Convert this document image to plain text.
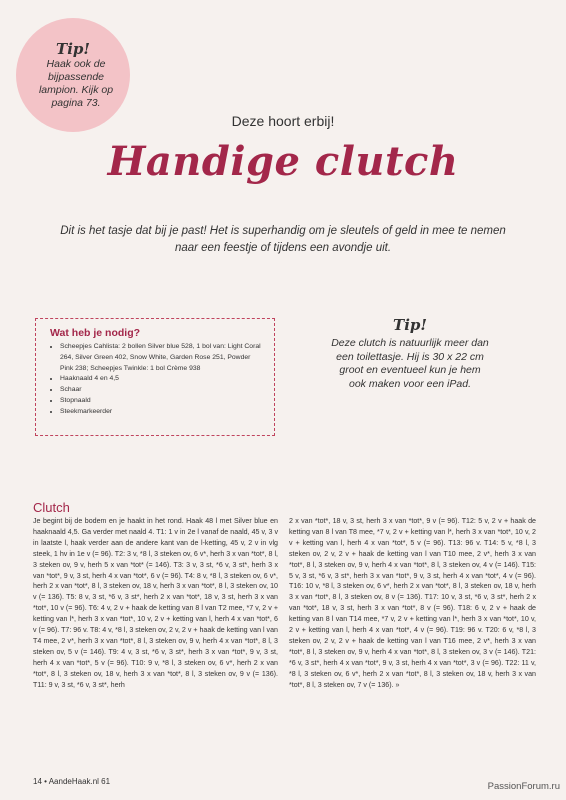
Tip!
Haak ook de bijpassende lampion. Kijk op pagina 73.
Deze hoort erbij!
Handige clutch
Dit is het tasje dat bij je past! Het is superhandig om je sleutels of geld in mee te nemen naar een feestje of tijdens een avondje uit.
Wat heb je nodig?
• Scheepjes Cahlista: 2 bollen Silver blue 528, 1 bol van: Light Coral 264, Silver Green 402, Snow White, Garden Rose 251, Powder Pink 238; Scheepjes Twinkle: 1 bol Crème 938
• Haaknaald 4 en 4,5
• Schaar
• Stopnaald
• Steekmarkeerder
Tip!
Deze clutch is natuurlijk meer dan een toilettasje. Hij is 30 x 22 cm groot en eventueel kun je hem ook maken voor een iPad.
Clutch
Je begint bij de bodem en je haakt in het rond. Haak 48 l met Silver blue en haaknaald 4,5. Ga verder met naald 4. T1: 1 v in 2e l vanaf de naald, 45 v, 3 v in laatste l, haak verder aan de andere kant van de l-ketting, 45 v, 2 v in vlg steek, 1 hv in 1e v (= 96). T2: 3 v, *8 l, 3 steken ov, 6 v*, herh 3 x van *tot*, 8 l, 3 steken ov, 9 v, herh 5 x van *tot* (= 146). T3: 3 v, 3 st, *6 v, 3 st*, herh 3 x van *tot*, 9 v, 3 st, herh 4 x van *tot*, 6 v (= 96). T4: 8 v, *8 l, 3 steken ov, 6 v*, herh 2 x van *tot*, 8 l, 3 steken ov, 18 v, herh 3 x van *tot*, 8 l, 3 steken ov, 10 v (= 136). T5: 8 v, 3 st, *6 v, 3 st*, herh 2 x van *tot*, 18 v, 3 st, herh 3 x van *tot*, 10 v (= 96). T6: 4 v, 2 v + haak de ketting van 8 l van T2 mee, *7 v, 2 v + ketting van l*, herh 3 x van *tot*, 10 v, 2 v + ketting van l, herh 4 x van *tot*, 6 v (= 96). T7: 96 v. T8: 4 v, *8 l, 3 steken ov, 2 v, 2 v + haak de ketting van l van T4 mee, 2 v*, herh 3 x van *tot*, 8 l, 3 steken ov, 9 v, herh 4 x van *tot*, 8 l, 3 steken ov, 5 v (= 146). T9: 4 v, 3 st, *6 v, 3 st*, herh 3 x van *tot*, 9 v, 3 st, herh 4 x van *tot*, 5 v (= 96). T10: 9 v, *8 l, 3 steken ov, 6 v*, herh 2 x van *tot*, 8 l, 3 steken ov, 18 v, herh 3 x van *tot*, 8 l, 3 steken ov, 9 v (= 136). T11: 9 v, 3 st, *6 v, 3 st*, herh
2 x van *tot*, 18 v, 3 st, herh 3 x van *tot*, 9 v (= 96). T12: 5 v, 2 v + haak de ketting van 8 l van T8 mee, *7 v, 2 v + ketting van l*, herh 3 x van *tot*, 10 v, 2 v + ketting van l, herh 4 x van *tot*, 5 v (= 96). T13: 96 v. T14: 5 v, *8 l, 3 steken ov, 2 v, 2 v + haak de ketting van l van T10 mee, 2 v*, herh 3 x van *tot*, 8 l, 3 steken ov, 9 v, herh 4 x van *tot*, 8 l, 3 steken ov, 4 v (= 146). T15: 5 v, 3 st, *6 v, 3 st*, herh 3 x van *tot*, 9 v, 3 st, herh 4 x van *tot*, 4 v (= 96). T16: 10 v, *8 l, 3 steken ov, 6 v*, herh 2 x van *tot*, 8 l, 3 steken ov, 18 v, herh 3 x van *tot*, 8 l, 3 steken ov, 8 v (= 136). T17: 10 v, 3 st, *6 v, 3 st*, herh 2 x van *tot*, 18 v, 3 st, herh 3 x van *tot*, 8 v (= 96). T18: 6 v, 2 v + haak de ketting van 8 l van T14 mee, *7 v, 2 v + ketting van l*, herh 3 x van *tot*, 10 v, 2 v + ketting van l, herh 4 x van *tot*, 4 v (= 96). T19: 96 v. T20: 6 v, *8 l, 3 steken ov, 2 v, 2 v + haak de ketting van l van T16 mee, 2 v*, herh 3 x van *tot*, 8 l, 3 steken ov, 9 v, herh 4 x van *tot*, 8 l, 3 steken ov, 3 v (= 146). T21: *6 v, 3 st*, herh 4 x van *tot*, 9 v, 3 st, herh 4 x van *tot*, 3 v (= 96). T22: 11 v, *8 l, 3 steken ov, 6 v*, herh 2 x van *tot*, 8 l, 3 steken ov, 18 v, herh 3 x van *tot*, 8 l, 3 steken ov, 7 v (= 136). »
14 • AandeHaak.nl 61	PassionForum.ru
